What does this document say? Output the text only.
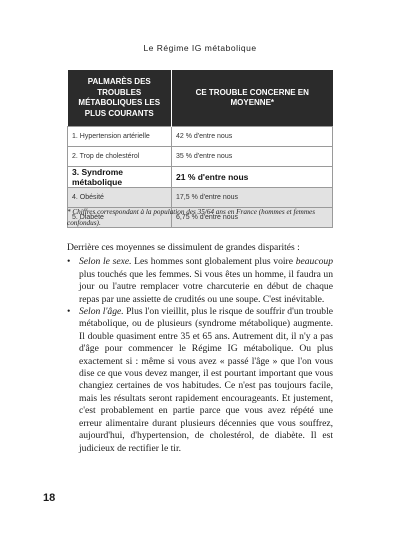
Le Régime IG métabolique
PALMARÈS DES TROUBLES MÉTABOLIQUES LES PLUS COURANTS	CE TROUBLE CONCERNE EN MOYENNE*
1. Hypertension artérielle	42 % d'entre nous
2. Trop de cholestérol	35 % d'entre nous
3. Syndrome métabolique	21 % d'entre nous
4. Obésité	17,5 % d'entre nous
5. Diabète	6,75 % d'entre nous
* Chiffres correspondant à la population des 35/64 ans en France (hommes et femmes confondus).

Derrière ces moyennes se dissimulent de grandes disparités :

• Selon le sexe. Les hommes sont globalement plus voire beaucoup plus touchés que les femmes. Si vous êtes un homme, il faudra un jour ou l'autre remplacer votre charcuterie en début de chaque repas par une assiette de crudités ou une soupe. C'est inévitable.
• Selon l'âge. Plus l'on vieillit, plus le risque de souffrir d'un trouble métabolique, ou de plusieurs (syndrome métabolique) augmente. Il double quasiment entre 35 et 65 ans. Autrement dit, il n'y a pas d'âge pour commencer le Régime IG métabolique. Ou plus exactement si : même si vous avez « passé l'âge » que l'on vous dise ce que vous devez manger, il est pourtant important que vous changiez certaines de vos habitudes. Ce n'est pas toujours facile, mais les résultats seront rapidement encourageants. Et justement, c'est probablement en partie parce que vous avez répété une erreur alimentaire durant plusieurs décennies que vous souffrez, aujourd'hui, d'hypertension, de cholestérol, de diabète. Il est judicieux de rectifier le tir.
18
